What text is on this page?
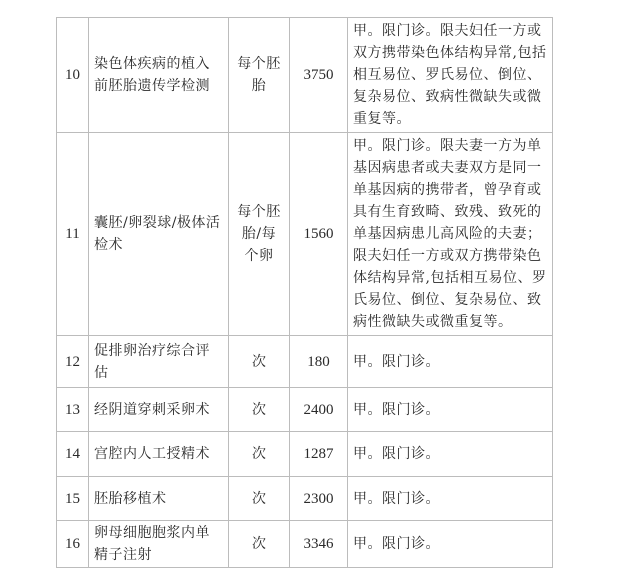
10	染色体疾病的植入前胚胎遗传学检测	每个胚胎	3750	甲。限门诊。限夫妇任一方或双方携带染色体结构异常,包括相互易位、罗氏易位、倒位、复杂易位、致病性微缺失或微重复等。

11	囊胚/卵裂球/极体活检术	每个胚胎/每个卵	1560	甲。限门诊。限夫妻一方为单基因病患者或夫妻双方是同一单基因病的携带者，曾孕育或具有生育致畸、致残、致死的单基因病患儿高风险的夫妻；限夫妇任一方或双方携带染色体结构异常,包括相互易位、罗氏易位、倒位、复杂易位、致病性微缺失或微重复等。

12	促排卵治疗综合评估	次	180	甲。限门诊。

13	经阴道穿刺采卵术	次	2400	甲。限门诊。

14	宫腔内人工授精术	次	1287	甲。限门诊。

15	胚胎移植术	次	2300	甲。限门诊。

16	卵母细胞胞浆内单精子注射	次	3346	甲。限门诊。
